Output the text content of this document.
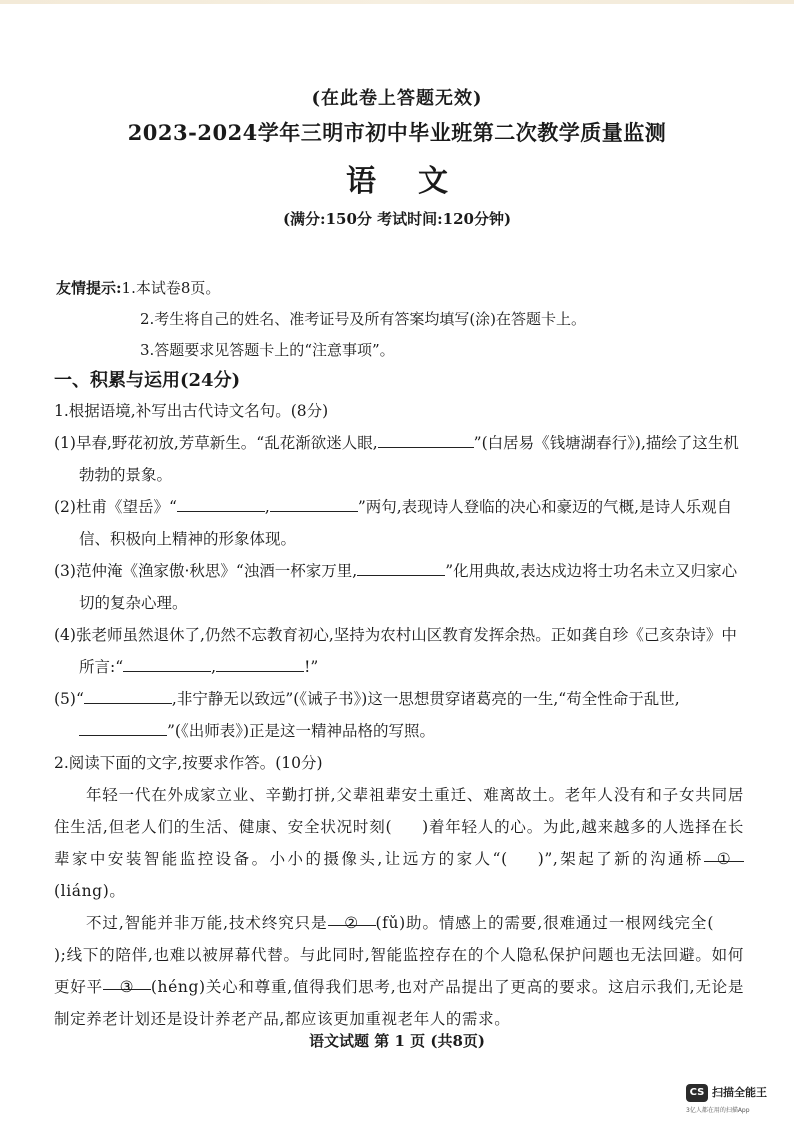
(在此卷上答题无效)
2023-2024学年三明市初中毕业班第二次教学质量监测
语文
(满分:150分 考试时间:120分钟)
友情提示:1.本试卷8页。
2.考生将自己的姓名、准考证号及所有答案均填写(涂)在答题卡上。
3.答题要求见答题卡上的“注意事项”。
一、积累与运用(24分)
1.根据语境,补写出古代诗文名句。(8分)
(1)早春,野花初放,芳草新生。“乱花渐欲迷人眼,	”(白居易《钱塘湖春行》),描绘了这生机勃勃的景象。
(2)杜甫《望岳》“	,	”两句,表现诗人登临的决心和豪迈的气概,是诗人乐观自信、积极向上精神的形象体现。
(3)范仲淹《渔家傲·秋思》“浊酒一杯家万里,	”化用典故,表达戍边将士功名未立又归家心切的复杂心理。
(4)张老师虽然退休了,仍然不忘教育初心,坚持为农村山区教育发挥余热。正如龚自珍《己亥杂诗》中所言:“	,	!”
(5)“	,非宁静无以致远”(《诫子书》)这一思想贯穿诸葛亮的一生,“苟全性命于乱世,”(《出师表》)正是这一精神品格的写照。
2.阅读下面的文字,按要求作答。(10分)
年轻一代在外成家立业、辛勤打拼,父辈祖辈安土重迁、难离故土。老年人没有和子女共同居住生活,但老人们的生活、健康、安全状况时刻( )着年轻人的心。为此,越来越多的人选择在长辈家中安装智能监控设备。小小的摄像头,让远方的家人“( )”,架起了新的沟通桥 ①(liáng)。
不过,智能并非万能,技术终究只是 ② (fǔ)助。情感上的需要,很难通过一根网线完全();线下的陪伴,也难以被屏幕代替。与此同时,智能监控存在的个人隐私保护问题也无法回避。如何更好平 ③ (héng)关心和尊重,值得我们思考,也对产品提出了更高的要求。这启示我们,无论是制定养老计划还是设计养老产品,都应该更加重视老年人的需求。
语文试题 第 1 页 (共8页)
CS 扫描全能王
3亿人都在用的扫描App
